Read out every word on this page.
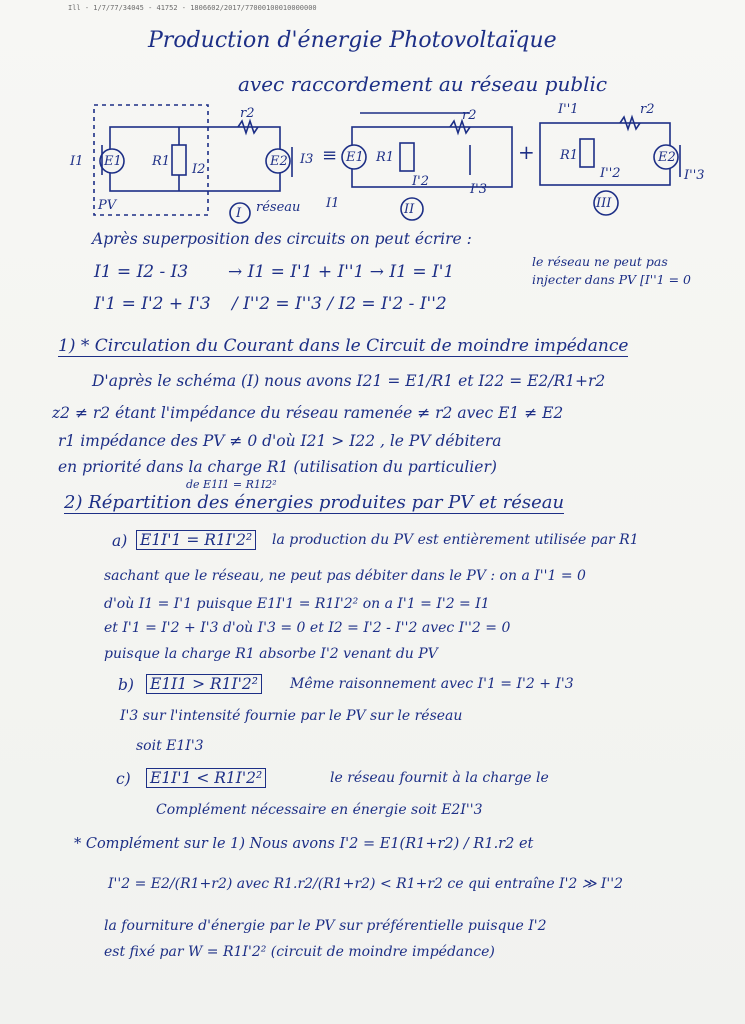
Ill - 1/7/77/34045 - 41752 - 1806602/2017/77000100010000000
Production d'énergie Photovoltaïque
avec raccordement au réseau public
I1 E1 R1
I2
E2 I3
r2
PV
I réseau
≡ E1 R1
I'2
I'3
r2
I1	II
+
I''1	r2
R1
I''2
E2
I''3
III
Après superposition des circuits on peut écrire :
I1 = I2 - I3 → I1 = I'1 + I''1 → I1 = I'1
le réseau ne peut pas
injecter dans PV [I''1 = 0
I'1 = I'2 + I'3 / I''2 = I''3 / I2 = I'2 - I''2
1) * Circulation du Courant dans le Circuit de moindre impédance
D'après le schéma (I) nous avons I21 = E1/R1 et I22 = E2/R1+r2
z2 ≠ r2 étant l'impédance du réseau ramenée ≠ r2 avec E1 ≠ E2
r1 impédance des PV ≠ 0 d'où I21 > I22 , le PV débitera
en priorité dans la charge R1 (utilisation du particulier)
de E1I1 = R1I2²
2) Répartition des énergies produites par PV et réseau
a) E1I'1 = R1I'2² la production du PV est entièrement utilisée par R1
sachant que le réseau, ne peut pas débiter dans le PV : on a I''1 = 0
d'où I1 = I'1 puisque E1I'1 = R1I'2² on a I'1 = I'2 = I1
et I'1 = I'2 + I'3 d'où I'3 = 0 et I2 = I'2 - I''2 avec I''2 = 0
puisque la charge R1 absorbe I'2 venant du PV
b) E1I1 > R1I'2² Même raisonnement avec I'1 = I'2 + I'3
I'3 sur l'intensité fournie par le PV sur le réseau
soit E1I'3
c) E1I'1 < R1I'2²	le réseau fournit à la charge le
Complément nécessaire en énergie soit E2I''3
* Complément sur le 1) Nous avons I'2 = E1(R1+r2) / R1.r2 et
I''2 = E2/(R1+r2) avec R1.r2/(R1+r2) < R1+r2 ce qui entraîne I'2 ≫ I''2
la fourniture d'énergie par le PV sur préférentielle puisque I'2
est fixé par W = R1I'2² (circuit de moindre impédance)
